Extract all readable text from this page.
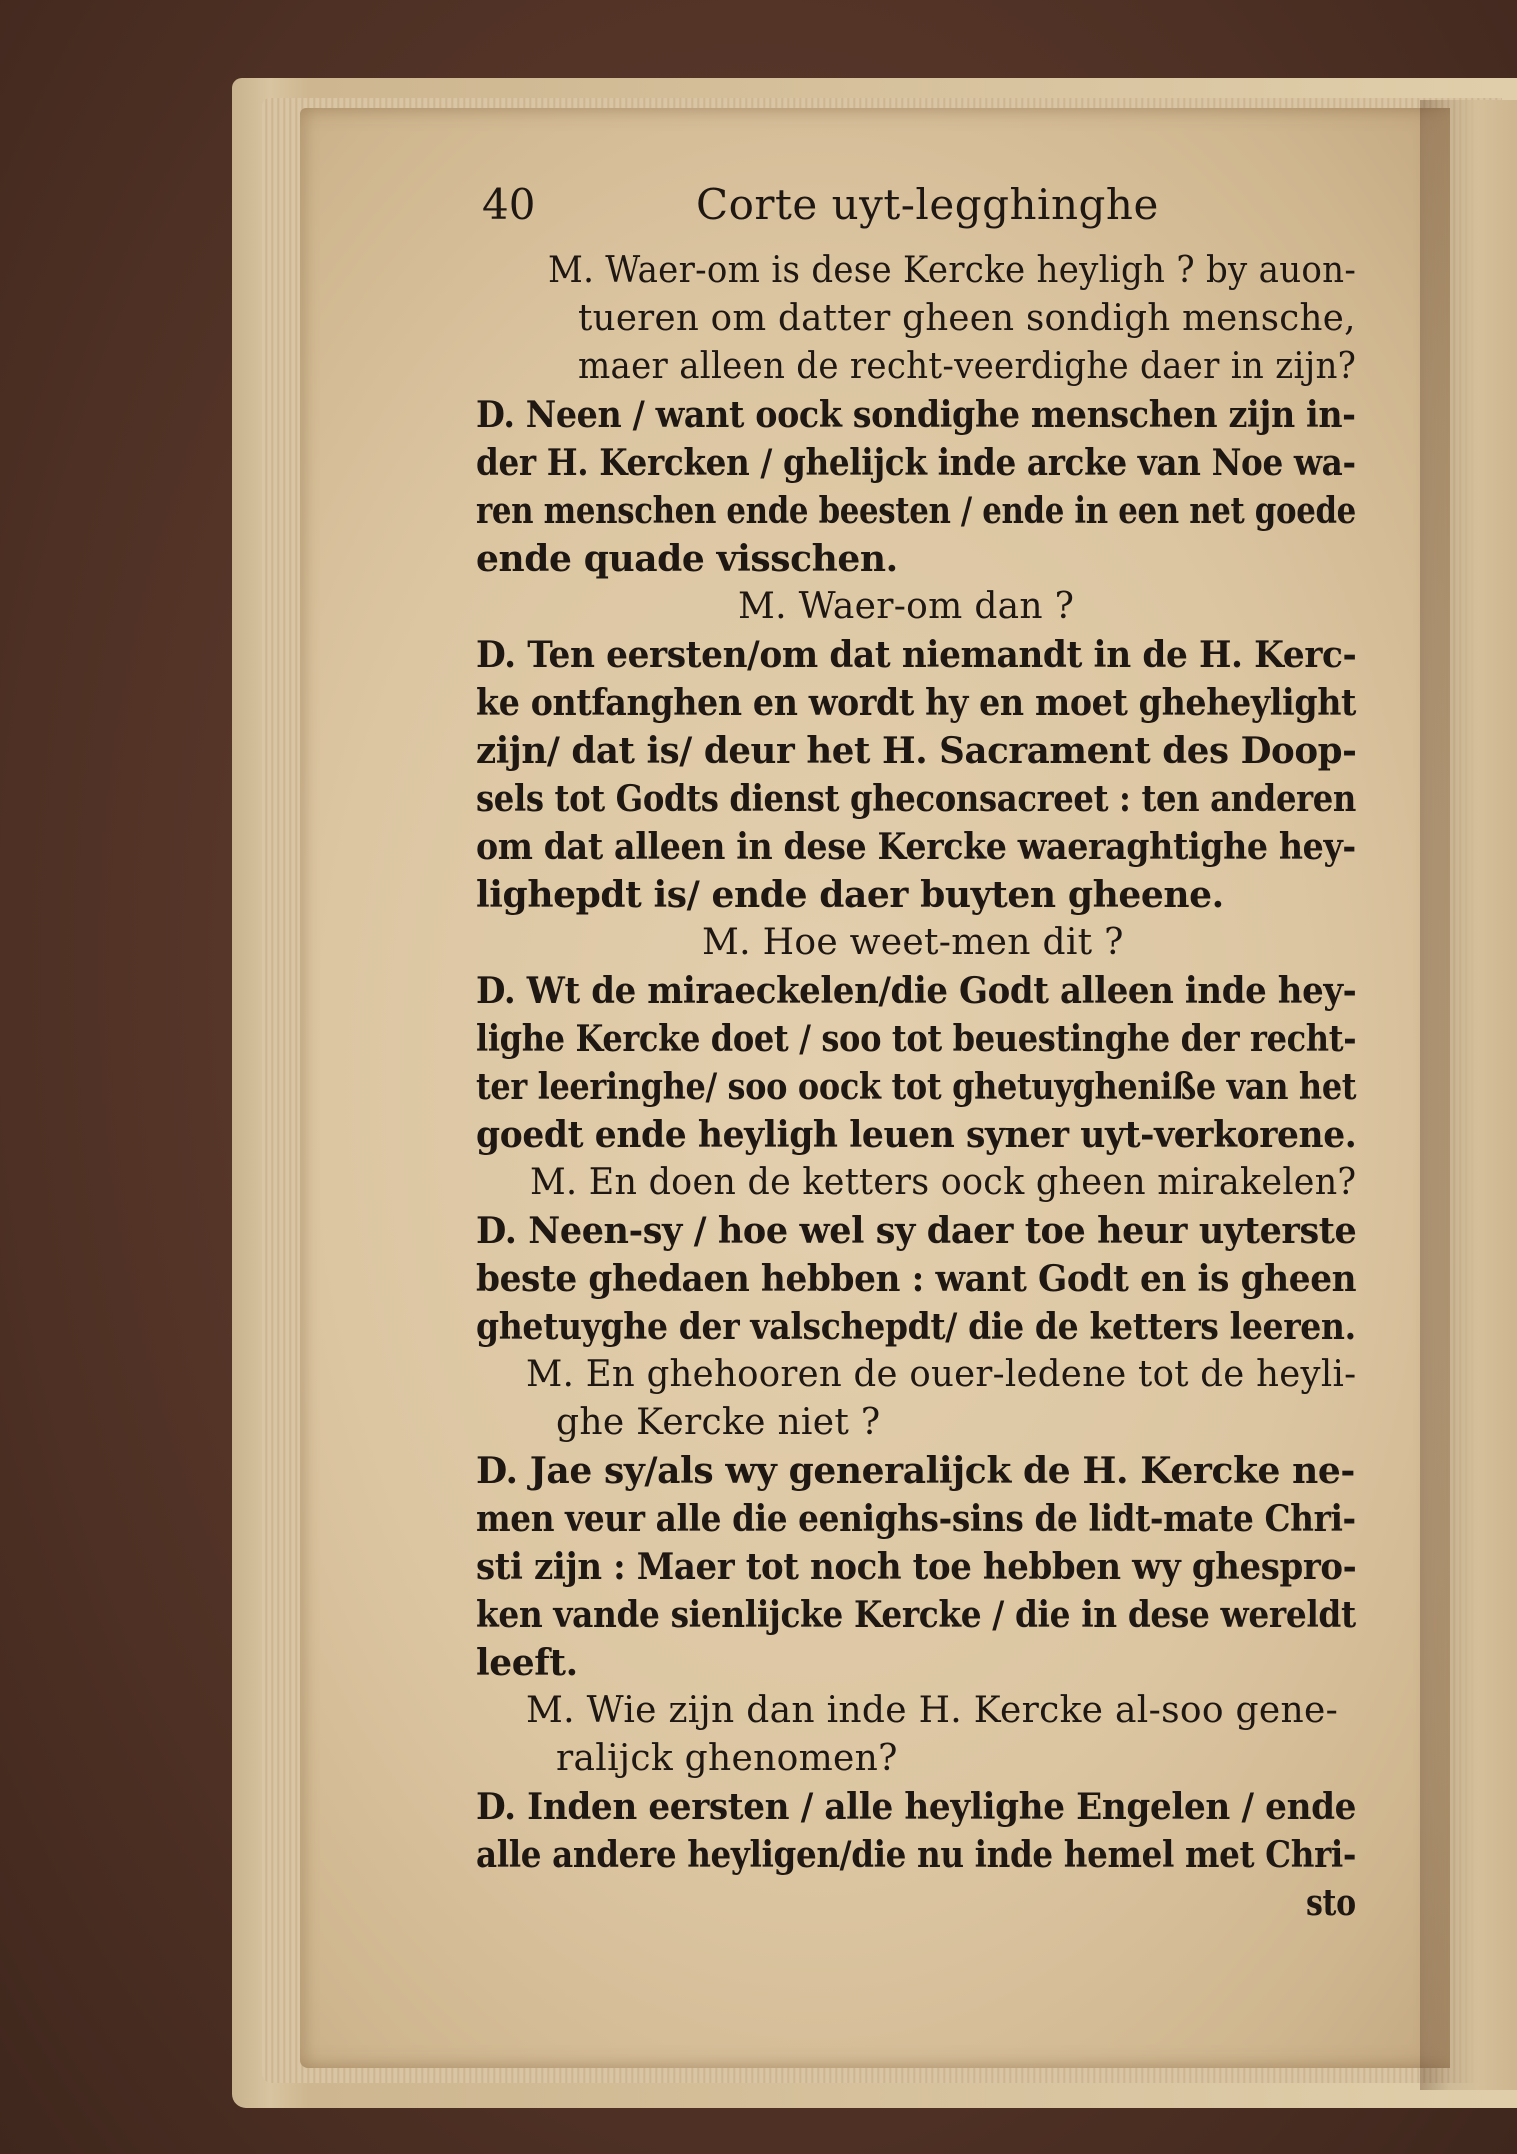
40	Corte uyt-legghinghe
M. Waer-om is dese Kercke heyligh ? by auon-
tueren om datter gheen sondigh mensche,
maer alleen de recht-veerdighe daer in zijn?
D. Neen / want oock sondighe menschen zijn in-
der H. Kercken / ghelijck inde arcke van Noe wa-
ren menschen ende beesten / ende in een net goede
ende quade visschen.
M. Waer-om dan ?
D. Ten eersten/om dat niemandt in de H. Kerc-
ke ontfanghen en wordt hy en moet gheheylight
zijn/ dat is/ deur het H. Sacrament des Doop-
sels tot Godts dienst gheconsacreet : ten anderen
om dat alleen in dese Kercke waeraghtighe hey-
lighepdt is/ ende daer buyten gheene.
M. Hoe weet-men dit ?
D. Wt de miraeckelen/die Godt alleen inde hey-
lighe Kercke doet / soo tot beuestinghe der recht-
ter leeringhe/ soo oock tot ghetuygheniße van het
goedt ende heyligh leuen syner uyt-verkorene.
M. En doen de ketters oock gheen mirakelen?
D. Neen-sy / hoe wel sy daer toe heur uyterste
beste ghedaen hebben : want Godt en is gheen
ghetuyghe der valschepdt/ die de ketters leeren.
M. En ghehooren de ouer-ledene tot de heyli-
ghe Kercke niet ?
D. Jae sy/als wy generalijck de H. Kercke ne-
men veur alle die eenighs-sins de lidt-mate Chri-
sti zijn : Maer tot noch toe hebben wy ghespro-
ken vande sienlijcke Kercke / die in dese wereldt
leeft.
M. Wie zijn dan inde H. Kercke al-soo gene-
ralijck ghenomen?
D. Inden eersten / alle heylighe Engelen / ende
alle andere heyligen/die nu inde hemel met Chri-
sto
